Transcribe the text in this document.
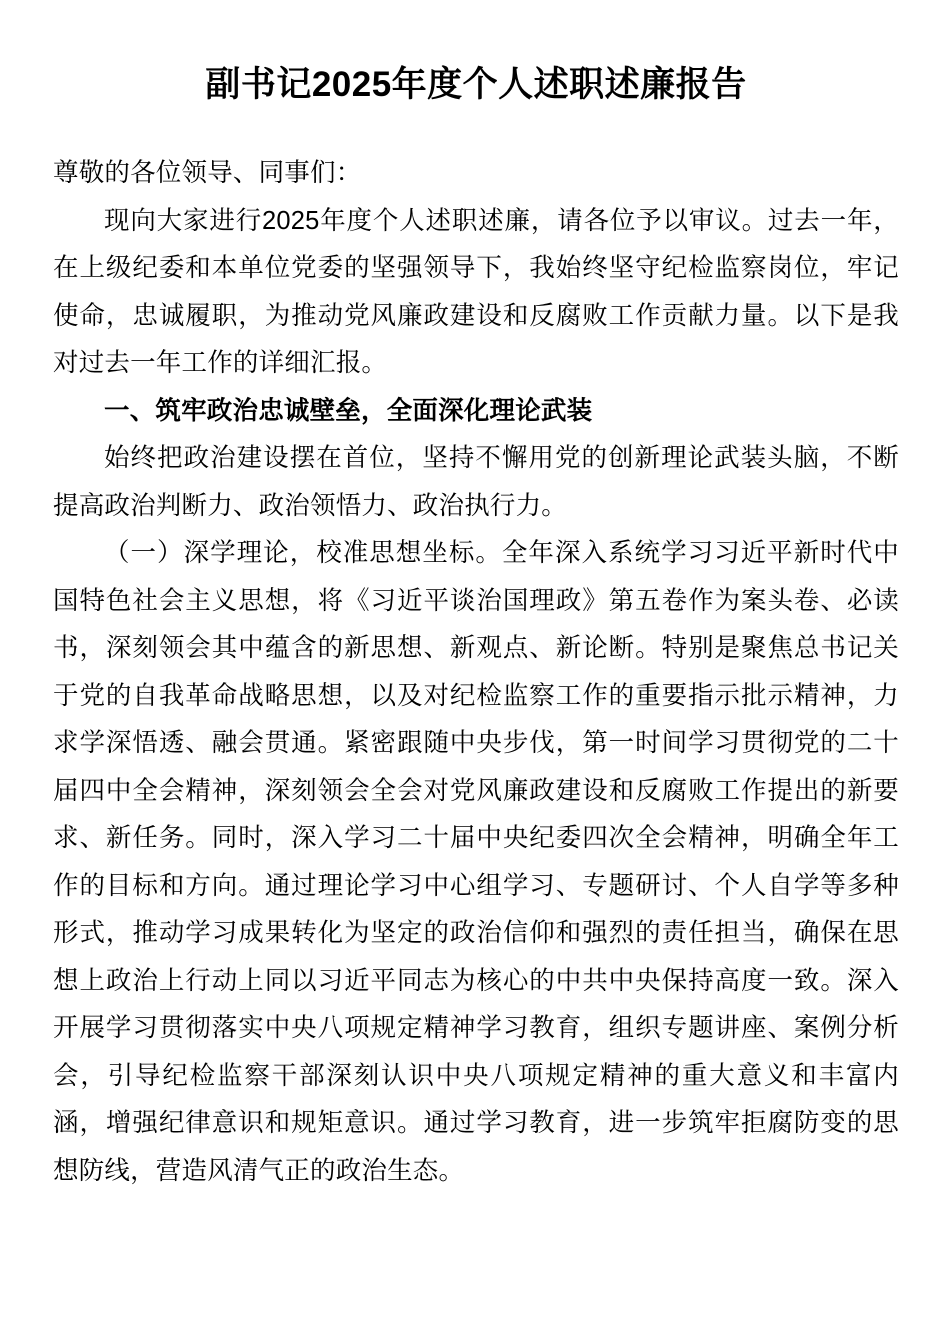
副书记2025年度个人述职述廉报告

尊敬的各位领导、同事们：

现向大家进行2025年度个人述职述廉，请各位予以审议。过去一年，在上级纪委和本单位党委的坚强领导下，我始终坚守纪检监察岗位，牢记使命，忠诚履职，为推动党风廉政建设和反腐败工作贡献力量。以下是我对过去一年工作的详细汇报。

一、筑牢政治忠诚壁垒，全面深化理论武装

始终把政治建设摆在首位，坚持不懈用党的创新理论武装头脑，不断提高政治判断力、政治领悟力、政治执行力。

（一）深学理论，校准思想坐标。全年深入系统学习习近平新时代中国特色社会主义思想，将《习近平谈治国理政》第五卷作为案头卷、必读书，深刻领会其中蕴含的新思想、新观点、新论断。特别是聚焦总书记关于党的自我革命战略思想，以及对纪检监察工作的重要指示批示精神，力求学深悟透、融会贯通。紧密跟随中央步伐，第一时间学习贯彻党的二十届四中全会精神，深刻领会全会对党风廉政建设和反腐败工作提出的新要求、新任务。同时，深入学习二十届中央纪委四次全会精神，明确全年工作的目标和方向。通过理论学习中心组学习、专题研讨、个人自学等多种形式，推动学习成果转化为坚定的政治信仰和强烈的责任担当，确保在思想上政治上行动上同以习近平同志为核心的中共中央保持高度一致。深入开展学习贯彻落实中央八项规定精神学习教育，组织专题讲座、案例分析会，引导纪检监察干部深刻认识中央八项规定精神的重大意义和丰富内涵，增强纪律意识和规矩意识。通过学习教育，进一步筑牢拒腐防变的思想防线，营造风清气正的政治生态。
